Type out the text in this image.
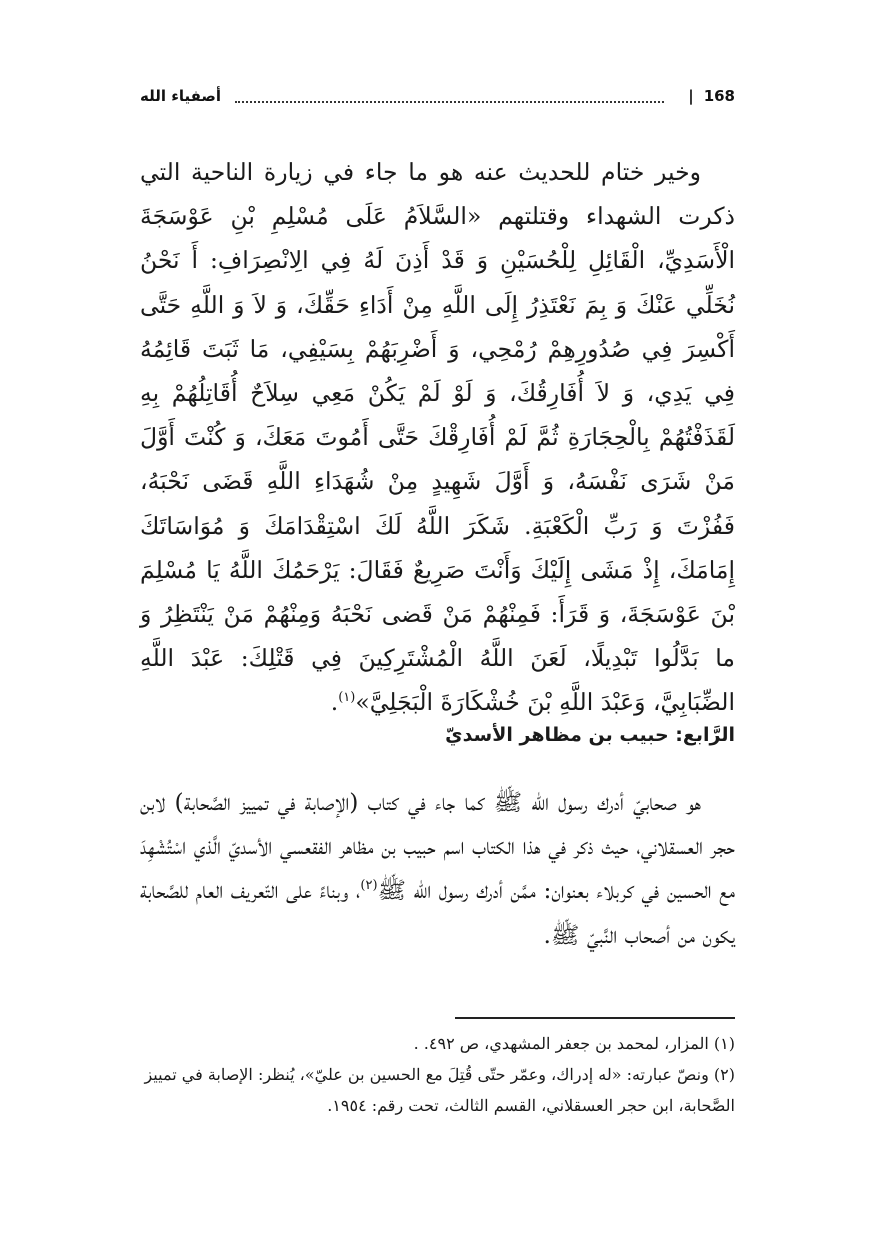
أصفياء الله	| 168

وخير ختام للحديث عنه هو ما جاء في زيارة الناحية التي ذكرت الشهداء وقتلتهم «السَّلاَمُ عَلَى مُسْلِمِ بْنِ عَوْسَجَةَ الْأَسَدِيِّ، الْقَائِلِ لِلْحُسَيْنِ وَ قَدْ أَذِنَ لَهُ فِي الِانْصِرَافِ: أَ نَحْنُ نُخَلِّي عَنْكَ وَ بِمَ نَعْتَذِرُ إِلَى اللَّهِ مِنْ أَدَاءِ حَقِّكَ، وَ لاَ وَ اللَّهِ حَتَّى أَكْسِرَ فِي صُدُورِهِمْ رُمْحِي، وَ أَضْرِبَهُمْ بِسَيْفِي، مَا ثَبَتَ قَائِمُهُ فِي يَدِي، وَ لاَ أُفَارِقُكَ، وَ لَوْ لَمْ يَكُنْ مَعِي سِلاَحٌ أُقَاتِلُهُمْ بِهِ لَقَذَفْتُهُمْ بِالْحِجَارَةِ ثُمَّ لَمْ أُفَارِقْكَ حَتَّى أَمُوتَ مَعَكَ، وَ كُنْتَ أَوَّلَ مَنْ شَرَى نَفْسَهُ، وَ أَوَّلَ شَهِيدٍ مِنْ شُهَدَاءِ اللَّهِ قَضَى نَحْبَهُ، فَفُزْتَ وَ رَبِّ الْكَعْبَةِ. شَكَرَ اللَّهُ لَكَ اسْتِقْدَامَكَ وَ مُوَاسَاتَكَ إِمَامَكَ، إِذْ مَشَى إِلَيْكَ وَأَنْتَ صَرِيعٌ فَقَالَ: يَرْحَمُكَ اللَّهُ يَا مُسْلِمَ بْنَ عَوْسَجَةَ، وَ قَرَأَ: فَمِنْهُمْ مَنْ قَضى نَحْبَهُ وَمِنْهُمْ مَنْ يَنْتَظِرُ وَ ما بَدَّلُوا تَبْدِيلًا، لَعَنَ اللَّهُ الْمُشْتَرِكِينَ فِي قَتْلِكَ: عَبْدَ اللَّهِ الضِّبَابِيَّ، وَعَبْدَ اللَّهِ بْنَ خُشْكَارَةَ الْبَجَلِيَّ»$^{(١)}$.

الرَّابع: حبيب بن مظاهر الأسديّ

هو صحابيّ أدرك رسول الله ﷺ كما جاء في كتاب (الإصابة في تمييز الصَّحابة) لابن حجر العسقلاني، حيث ذكر في هذا الكتاب اسم حبيب بن مظاهر الفقعسي الأسديّ الَّذي اسْتُشْهِدَ مع الحسين في كربلاء بعنوان: ممَّن أدرك رسول الله ﷺ$^{(٢)}$، وبناءً على التّعريف العام للصَّحابة يكون من أصحاب النَّبيّ ﷺ.

(١) المزار، لمحمد بن جعفر المشهدي، ص ٤٩٢. .

(٢) ونصّ عبارته: «له إدراك، وعمّر حتّى قُتِلَ مع الحسين بن عليّ»، يُنظر: الإصابة في تمييز الصَّحابة، ابن حجر العسقلاني، القسم الثالث، تحت رقم: ١٩٥٤.
